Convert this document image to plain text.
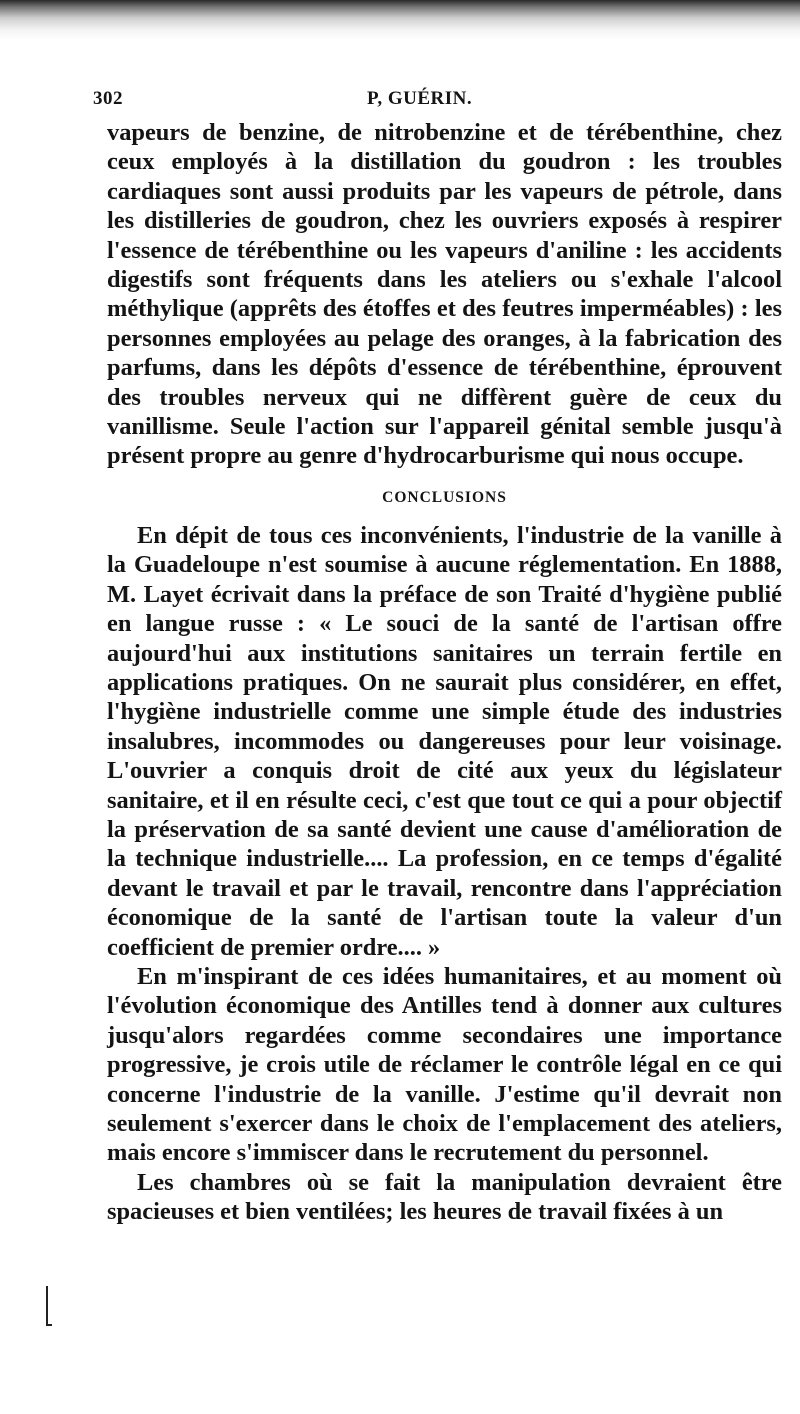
302	P, GUÉRIN.

vapeurs de benzine, de nitrobenzine et de térébenthine, chez ceux employés à la distillation du goudron : les troubles cardiaques sont aussi produits par les vapeurs de pétrole, dans les distilleries de goudron, chez les ouvriers exposés à respirer l'essence de térébenthine ou les vapeurs d'aniline : les accidents digestifs sont fréquents dans les ateliers ou s'exhale l'alcool méthylique (apprêts des étoffes et des feutres imperméables) : les personnes employées au pelage des oranges, à la fabrication des parfums, dans les dépôts d'essence de térébenthine, éprouvent des troubles nerveux qui ne diffèrent guère de ceux du vanillisme. Seule l'action sur l'appareil génital semble jusqu'à présent propre au genre d'hydrocarburisme qui nous occupe.

CONCLUSIONS

En dépit de tous ces inconvénients, l'industrie de la vanille à la Guadeloupe n'est soumise à aucune réglementation. En 1888, M. Layet écrivait dans la préface de son Traité d'hygiène publié en langue russe : « Le souci de la santé de l'artisan offre aujourd'hui aux institutions sanitaires un terrain fertile en applications pratiques. On ne saurait plus considérer, en effet, l'hygiène industrielle comme une simple étude des industries insalubres, incommodes ou dangereuses pour leur voisinage. L'ouvrier a conquis droit de cité aux yeux du législateur sanitaire, et il en résulte ceci, c'est que tout ce qui a pour objectif la préservation de sa santé devient une cause d'amélioration de la technique industrielle.... La profession, en ce temps d'égalité devant le travail et par le travail, rencontre dans l'appréciation économique de la santé de l'artisan toute la valeur d'un coefficient de premier ordre.... »

En m'inspirant de ces idées humanitaires, et au moment où l'évolution économique des Antilles tend à donner aux cultures jusqu'alors regardées comme secondaires une importance progressive, je crois utile de réclamer le contrôle légal en ce qui concerne l'industrie de la vanille. J'estime qu'il devrait non seulement s'exercer dans le choix de l'emplacement des ateliers, mais encore s'immiscer dans le recrutement du personnel.

Les chambres où se fait la manipulation devraient être spacieuses et bien ventilées; les heures de travail fixées à un
